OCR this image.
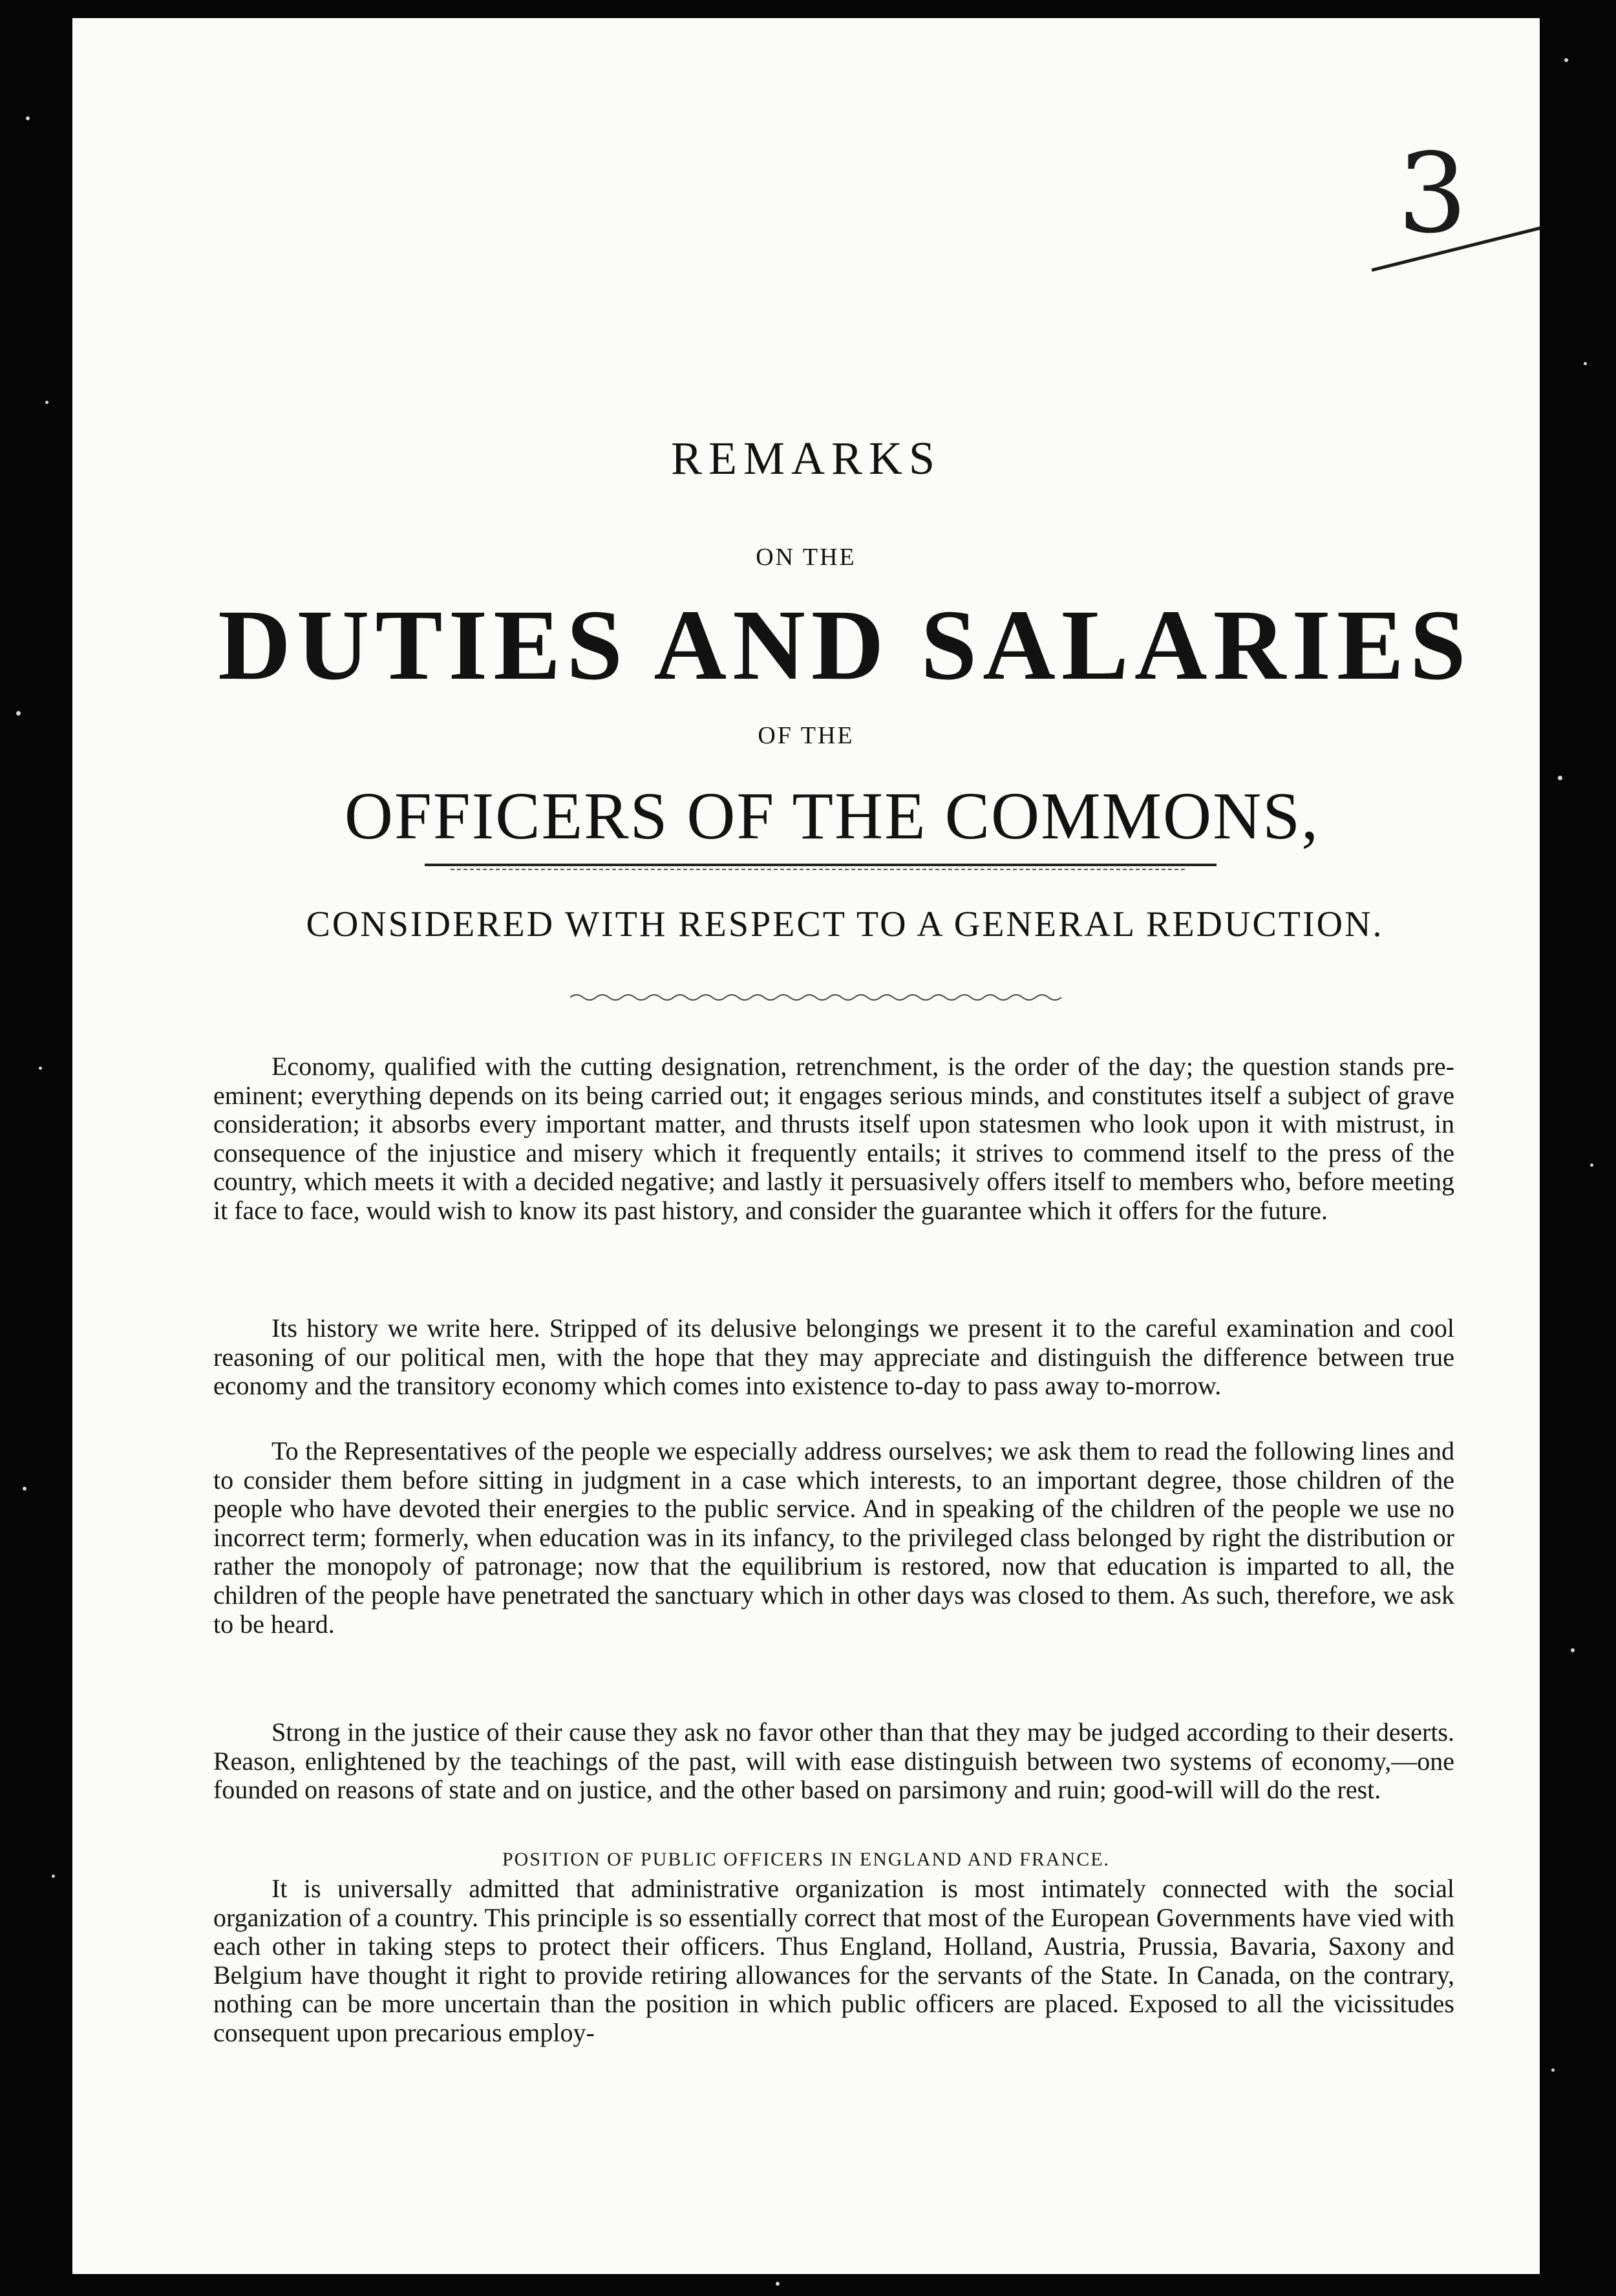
3
REMARKS
ON THE
DUTIES AND SALARIES
OF THE
OFFICERS OF THE COMMONS,
CONSIDERED WITH RESPECT TO A GENERAL REDUCTION.

Economy, qualified with the cutting designation, retrenchment, is the order of the day; the question stands pre-eminent; everything depends on its being carried out; it engages serious minds, and constitutes itself a subject of grave consideration; it absorbs every important matter, and thrusts itself upon statesmen who look upon it with mistrust, in consequence of the injustice and misery which it frequently entails; it strives to commend itself to the press of the country, which meets it with a decided negative; and lastly it persuasively offers itself to members who, before meeting it face to face, would wish to know its past history, and consider the guarantee which it offers for the future.

Its history we write here. Stripped of its delusive belongings we present it to the careful examination and cool reasoning of our political men, with the hope that they may appreciate and distinguish the difference between true economy and the transitory economy which comes into existence to-day to pass away to-morrow.

To the Representatives of the people we especially address ourselves; we ask them to read the following lines and to consider them before sitting in judgment in a case which interests, to an important degree, those children of the people who have devoted their energies to the public service. And in speaking of the children of the people we use no incorrect term; formerly, when education was in its infancy, to the privileged class belonged by right the distribution or rather the monopoly of patronage; now that the equilibrium is restored, now that education is imparted to all, the children of the people have penetrated the sanctuary which in other days was closed to them. As such, therefore, we ask to be heard.

Strong in the justice of their cause they ask no favor other than that they may be judged according to their deserts. Reason, enlightened by the teachings of the past, will with ease distinguish between two systems of economy,—one founded on reasons of state and on justice, and the other based on parsimony and ruin; good-will will do the rest.

POSITION OF PUBLIC OFFICERS IN ENGLAND AND FRANCE.

It is universally admitted that administrative organization is most intimately connected with the social organization of a country. This principle is so essentially correct that most of the European Governments have vied with each other in taking steps to protect their officers. Thus England, Holland, Austria, Prussia, Bavaria, Saxony and Belgium have thought it right to provide retiring allowances for the servants of the State. In Canada, on the contrary, nothing can be more uncertain than the position in which public officers are placed. Exposed to all the vicissitudes consequent upon precarious employ-
